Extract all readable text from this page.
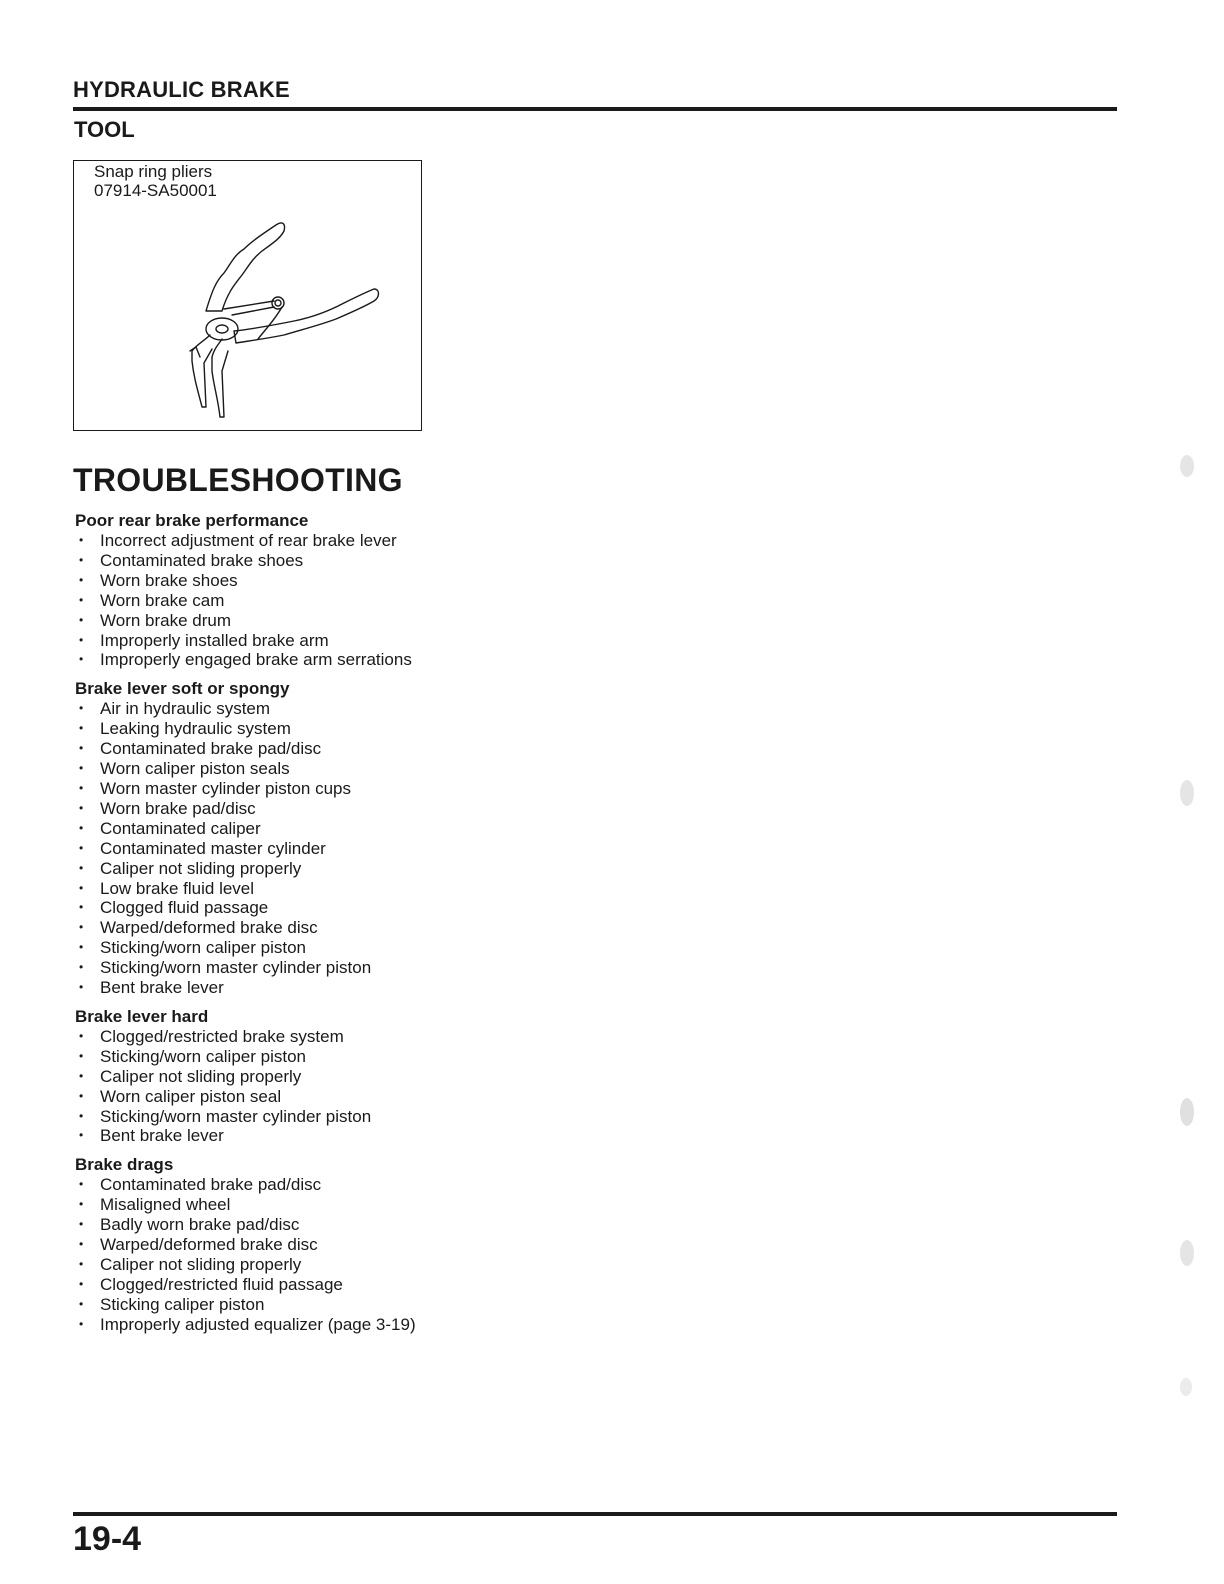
HYDRAULIC BRAKE
TOOL
Snap ring pliers
07914-SA50001
TROUBLESHOOTING
Poor rear brake performance
• Incorrect adjustment of rear brake lever
• Contaminated brake shoes
• Worn brake shoes
• Worn brake cam
• Worn brake drum
• Improperly installed brake arm
• Improperly engaged brake arm serrations
Brake lever soft or spongy
• Air in hydraulic system
• Leaking hydraulic system
• Contaminated brake pad/disc
• Worn caliper piston seals
• Worn master cylinder piston cups
• Worn brake pad/disc
• Contaminated caliper
• Contaminated master cylinder
• Caliper not sliding properly
• Low brake fluid level
• Clogged fluid passage
• Warped/deformed brake disc
• Sticking/worn caliper piston
• Sticking/worn master cylinder piston
• Bent brake lever
Brake lever hard
• Clogged/restricted brake system
• Sticking/worn caliper piston
• Caliper not sliding properly
• Worn caliper piston seal
• Sticking/worn master cylinder piston
• Bent brake lever
Brake drags
• Contaminated brake pad/disc
• Misaligned wheel
• Badly worn brake pad/disc
• Warped/deformed brake disc
• Caliper not sliding properly
• Clogged/restricted fluid passage
• Sticking caliper piston
• Improperly adjusted equalizer (page 3-19)
19-4
